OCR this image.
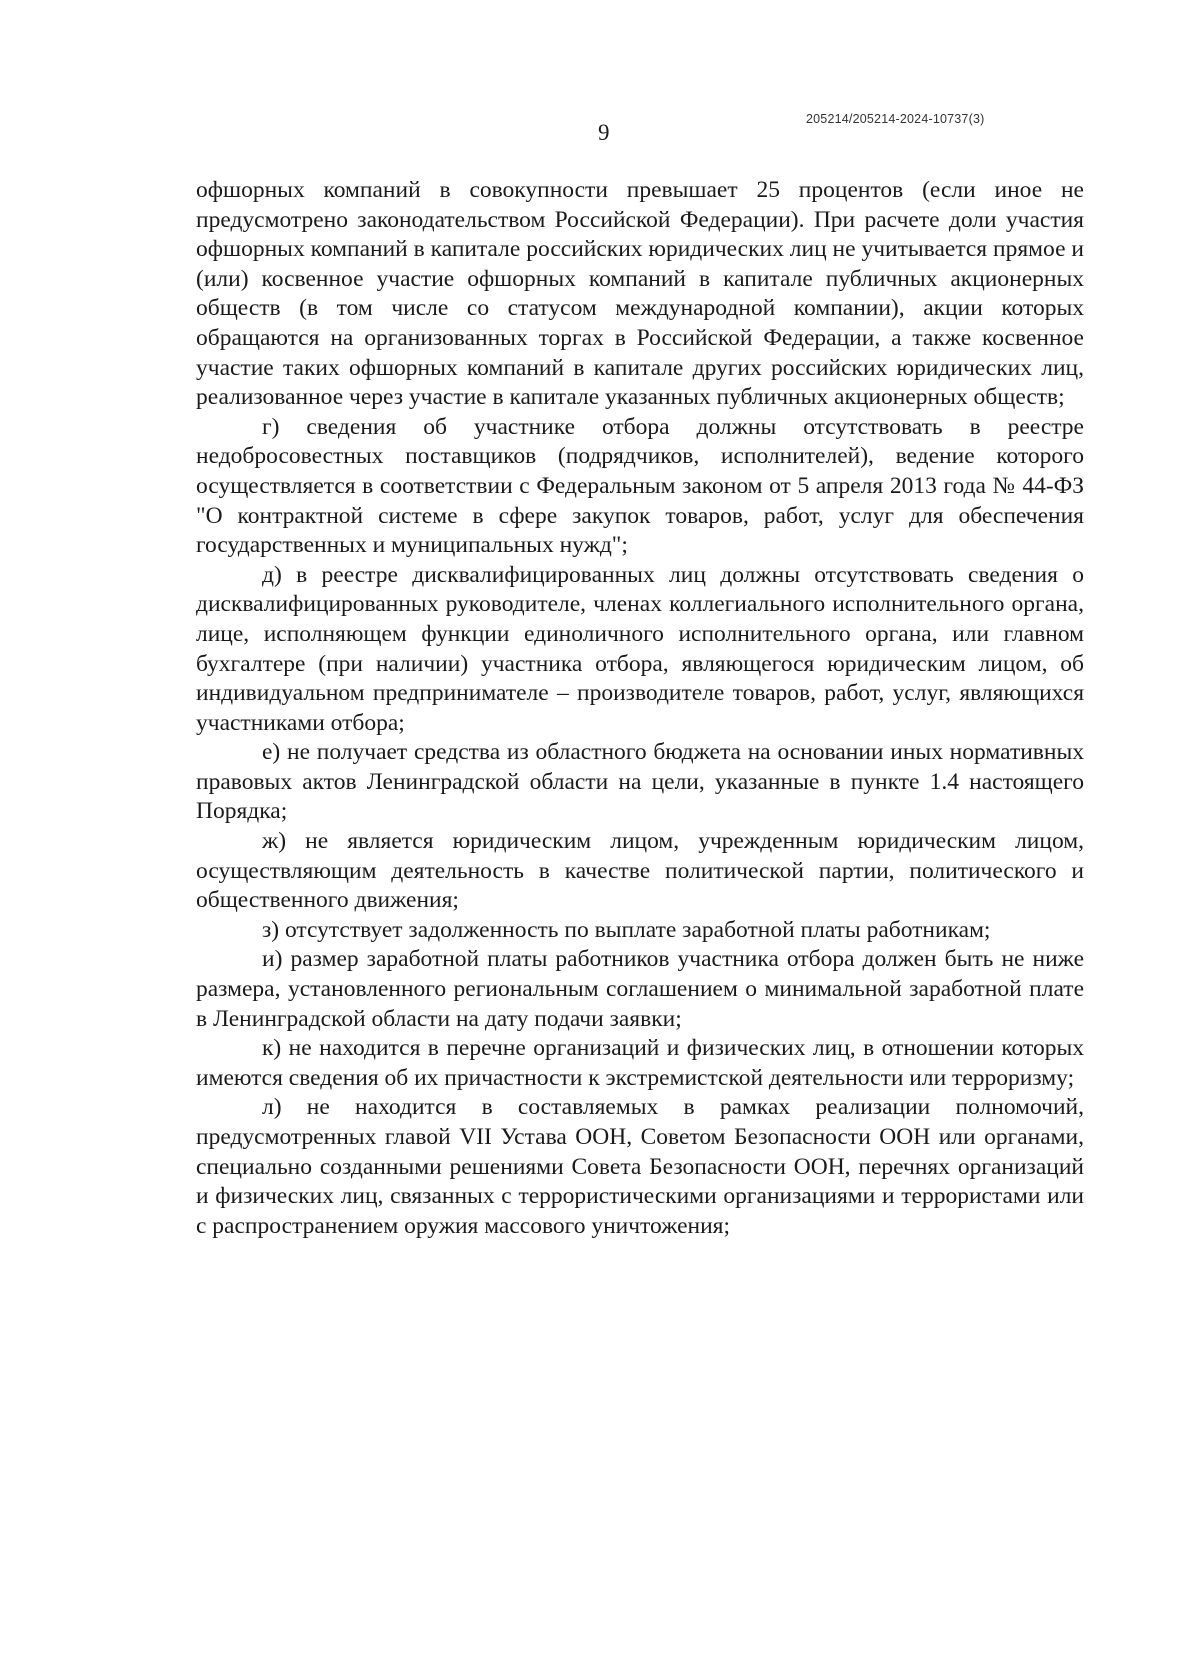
205214/205214-2024-10737(3)
9

офшорных компаний в совокупности превышает 25 процентов (если иное не предусмотрено законодательством Российской Федерации). При расчете доли участия офшорных компаний в капитале российских юридических лиц не учитывается прямое и (или) косвенное участие офшорных компаний в капитале публичных акционерных обществ (в том числе со статусом международной компании), акции которых обращаются на организованных торгах в Российской Федерации, а также косвенное участие таких офшорных компаний в капитале других российских юридических лиц, реализованное через участие в капитале указанных публичных акционерных обществ;

г) сведения об участнике отбора должны отсутствовать в реестре недобросовестных поставщиков (подрядчиков, исполнителей), ведение которого осуществляется в соответствии с Федеральным законом от 5 апреля 2013 года № 44-ФЗ "О контрактной системе в сфере закупок товаров, работ, услуг для обеспечения государственных и муниципальных нужд";

д) в реестре дисквалифицированных лиц должны отсутствовать сведения о дисквалифицированных руководителе, членах коллегиального исполнительного органа, лице, исполняющем функции единоличного исполнительного органа, или главном бухгалтере (при наличии) участника отбора, являющегося юридическим лицом, об индивидуальном предпринимателе – производителе товаров, работ, услуг, являющихся участниками отбора;

е) не получает средства из областного бюджета на основании иных нормативных правовых актов Ленинградской области на цели, указанные в пункте 1.4 настоящего Порядка;

ж) не является юридическим лицом, учрежденным юридическим лицом, осуществляющим деятельность в качестве политической партии, политического и общественного движения;

з) отсутствует задолженность по выплате заработной платы работникам;

и) размер заработной платы работников участника отбора должен быть не ниже размера, установленного региональным соглашением о минимальной заработной плате в Ленинградской области на дату подачи заявки;

к) не находится в перечне организаций и физических лиц, в отношении которых имеются сведения об их причастности к экстремистской деятельности или терроризму;

л) не находится в составляемых в рамках реализации полномочий, предусмотренных главой VII Устава ООН, Советом Безопасности ООН или органами, специально созданными решениями Совета Безопасности ООН, перечнях организаций и физических лиц, связанных с террористическими организациями и террористами или с распространением оружия массового уничтожения;
